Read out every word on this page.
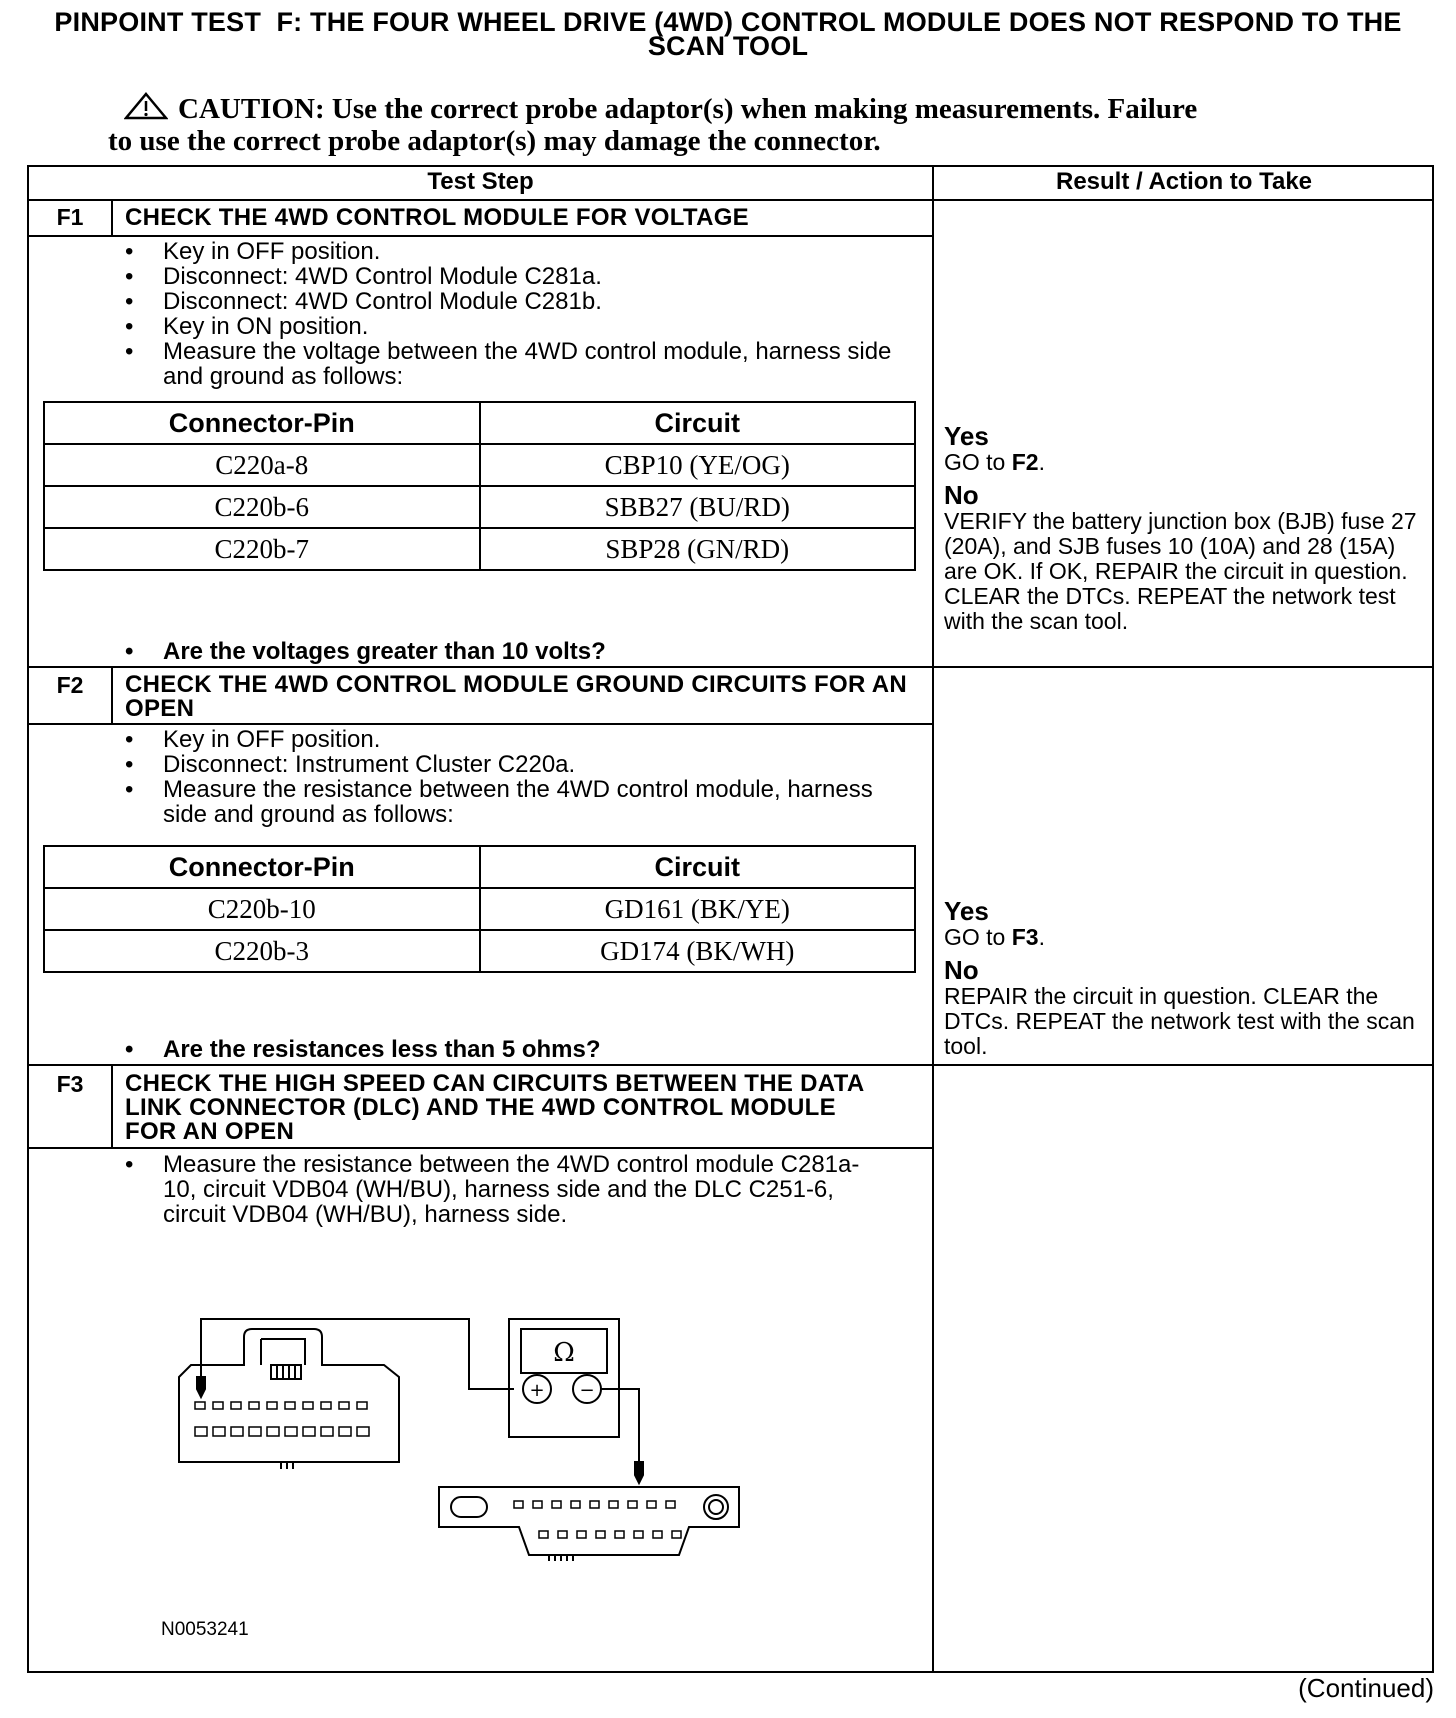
PINPOINT TEST  F: THE FOUR WHEEL DRIVE (4WD) CONTROL MODULE DOES NOT RESPOND TO THE
SCAN TOOL
CAUTION: Use the correct probe adaptor(s) when making measurements. Failure
to use the correct probe adaptor(s) may damage the connector.
Test Step	Result / Action to Take
F1	CHECK THE 4WD CONTROL MODULE FOR VOLTAGE
• Key in OFF position.
• Disconnect: 4WD Control Module C281a.
• Disconnect: 4WD Control Module C281b.
• Key in ON position.
• Measure the voltage between the 4WD control module, harness side and ground as follows:
Connector-Pin	Circuit
C220a-8	CBP10 (YE/OG)
C220b-6	SBB27 (BU/RD)
C220b-7	SBP28 (GN/RD)
• Are the voltages greater than 10 volts?
Yes
GO to F2.
No
VERIFY the battery junction box (BJB) fuse 27 (20A), and SJB fuses 10 (10A) and 28 (15A) are OK. If OK, REPAIR the circuit in question. CLEAR the DTCs. REPEAT the network test with the scan tool.
F2	CHECK THE 4WD CONTROL MODULE GROUND CIRCUITS FOR AN OPEN
• Key in OFF position.
• Disconnect: Instrument Cluster C220a.
• Measure the resistance between the 4WD control module, harness side and ground as follows:
Connector-Pin	Circuit
C220b-10	GD161 (BK/YE)
C220b-3	GD174 (BK/WH)
• Are the resistances less than 5 ohms?
Yes
GO to F3.
No
REPAIR the circuit in question. CLEAR the DTCs. REPEAT the network test with the scan tool.
F3	CHECK THE HIGH SPEED CAN CIRCUITS BETWEEN THE DATA LINK CONNECTOR (DLC) AND THE 4WD CONTROL MODULE FOR AN OPEN
• Measure the resistance between the 4WD control module C281a-10, circuit VDB04 (WH/BU), harness side and the DLC C251-6, circuit VDB04 (WH/BU), harness side.
Ω
+ −
N0053241
(Continued)
